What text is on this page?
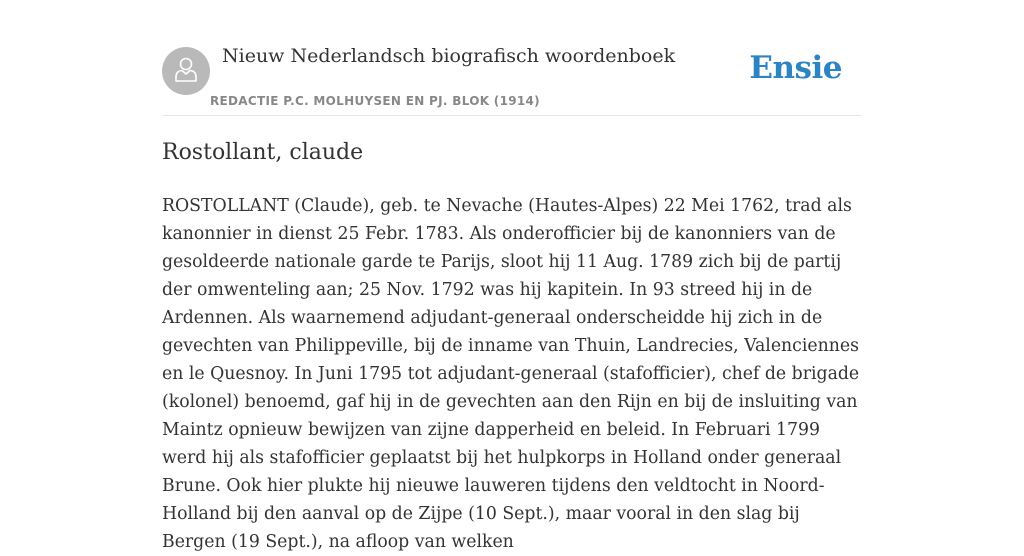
Nieuw Nederlandsch biografisch woordenboek
REDACTIE P.C. MOLHUYSEN EN PJ. BLOK (1914)
Ensie
Rostollant, claude

ROSTOLLANT (Claude), geb. te Nevache (Hautes-Alpes) 22 Mei 1762, trad als kanonnier in dienst 25 Febr. 1783. Als onderofficier bij de kanonniers van de gesoldeerde nationale garde te Parijs, sloot hij 11 Aug. 1789 zich bij de partij der omwenteling aan; 25 Nov. 1792 was hij kapitein. In 93 streed hij in de Ardennen. Als waarnemend adjudant-generaal onderscheidde hij zich in de gevechten van Philippeville, bij de inname van Thuin, Landrecies, Valenciennes en le Quesnoy. In Juni 1795 tot adjudant-generaal (stafofficier), chef de brigade (kolonel) benoemd, gaf hij in de gevechten aan den Rijn en bij de insluiting van Maintz opnieuw bewijzen van zijne dapperheid en beleid. In Februari 1799 werd hij als stafofficier geplaatst bij het hulpkorps in Holland onder generaal Brune. Ook hier plukte hij nieuwe lauweren tijdens den veldtocht in Noord-Holland bij den aanval op de Zijpe (10 Sept.), maar vooral in den slag bij Bergen (19 Sept.), na afloop van welken
